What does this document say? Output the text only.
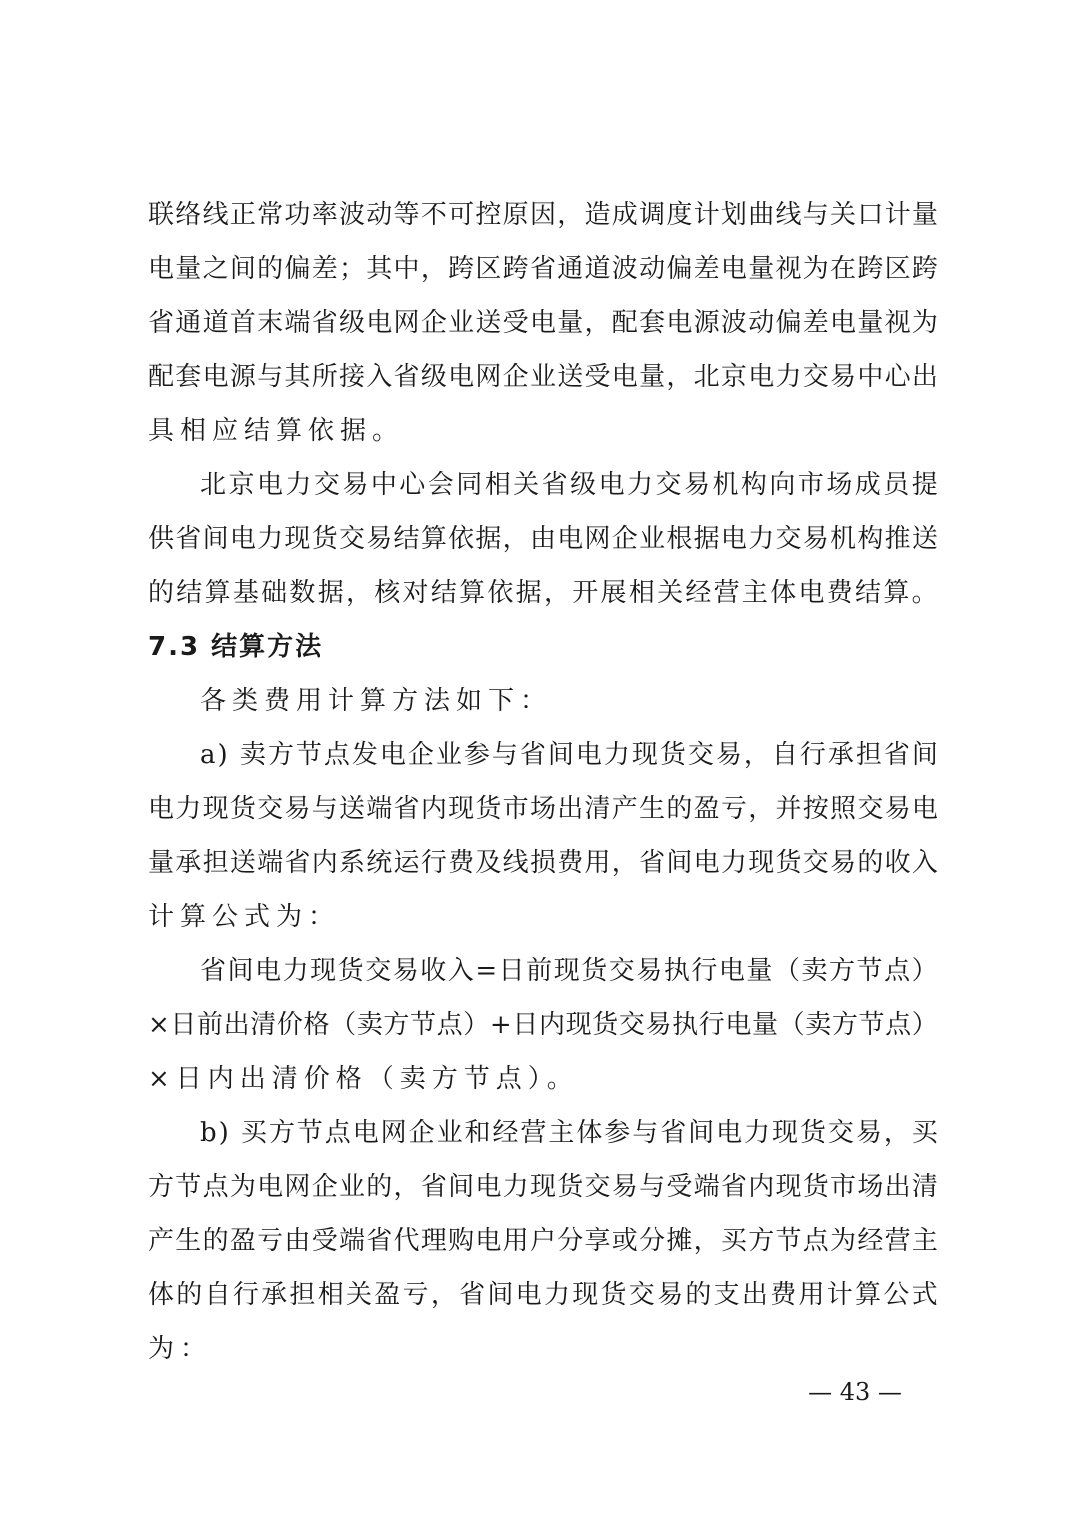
联 络 线 正 常 功 率 波 动 等 不 可 控 原 因 ， 造 成 调 度 计 划 曲 线 与 关 口 计 量
电 量 之 间 的 偏 差 ； 其 中 ， 跨 区 跨 省 通 道 波 动 偏 差 电 量 视 为 在 跨 区 跨
省 通 道 首 末 端 省 级 电 网 企 业 送 受 电 量 ， 配 套 电 源 波 动 偏 差 电 量 视 为
配 套 电 源 与 其 所 接 入 省 级 电 网 企 业 送 受 电 量 ， 北 京 电 力 交 易 中 心 出
具相应结算依据。
北 京 电 力 交 易 中 心 会 同 相 关 省 级 电 力 交 易 机 构 向 市 场 成 员 提
供 省 间 电 力 现 货 交 易 结 算 依 据 ， 由 电 网 企 业 根 据 电 力 交 易 机 构 推 送
的 结 算 基 础 数 据 ， 核 对 结 算 依 据 ， 开 展 相 关 经 营 主 体 电 费 结 算 。
7.3 结算方法
各类费用计算方法如下：
a )
卖 方 节 点 发 电 企 业 参 与 省 间 电 力 现 货 交 易 ， 自 行 承 担 省 间
电 力 现 货 交 易 与 送 端 省 内 现 货 市 场 出 清 产 生 的 盈 亏 ， 并 按 照 交 易 电
量 承 担 送 端 省 内 系 统 运 行 费 及 线 损 费 用 ， 省 间 电 力 现 货 交 易 的 收 入
计算公式为：
省 间 电 力 现 货 交 易 收 入 = 日 前 现 货 交 易 执 行 电 量 （ 卖 方 节 点 ）
× 日 前 出 清 价 格 （ 卖 方 节 点 ） + 日 内 现 货 交 易 执 行 电 量 （ 卖 方 节 点 ）
×日内出清价格（卖方节点）。
b )
买 方 节 点 电 网 企 业 和 经 营 主 体 参 与 省 间 电 力 现 货 交 易 ， 买
方 节 点 为 电 网 企 业 的 ， 省 间 电 力 现 货 交 易 与 受 端 省 内 现 货 市 场 出 清
产 生 的 盈 亏 由 受 端 省 代 理 购 电 用 户 分 享 或 分 摊 ， 买 方 节 点 为 经 营 主
体 的 自 行 承 担 相 关 盈 亏 ， 省 间 电 力 现 货 交 易 的 支 出 费 用 计 算 公 式
为：
— 43 —
